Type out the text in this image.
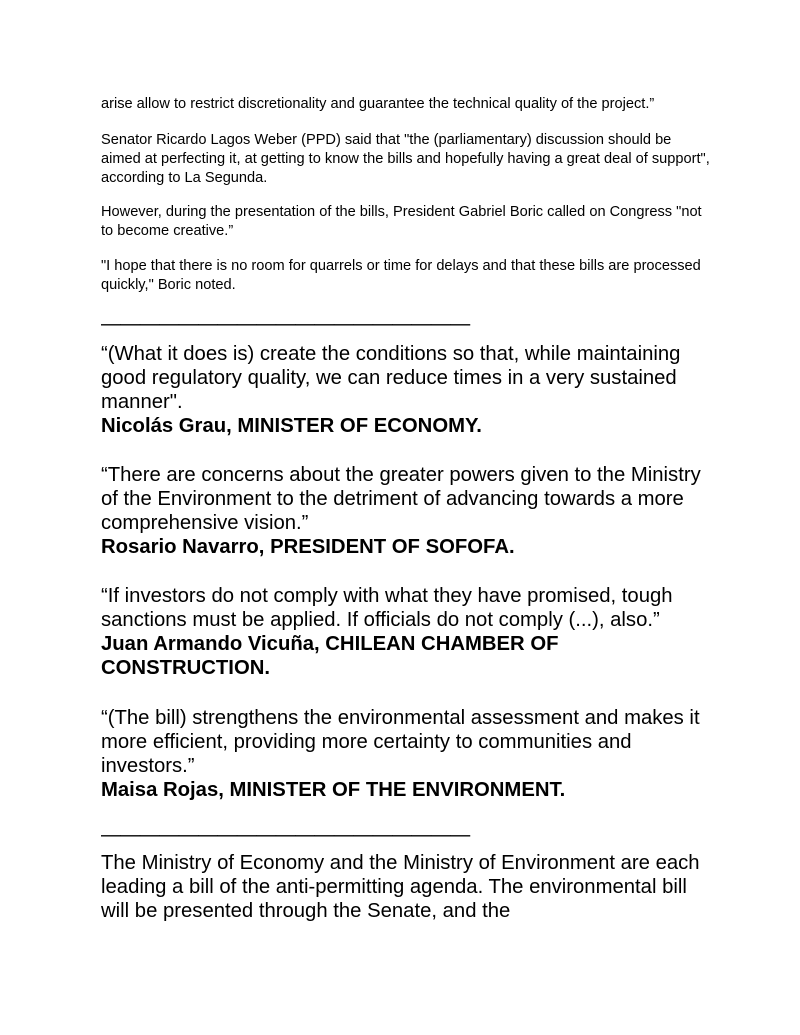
arise allow to restrict discretionality and guarantee the technical quality of the project.”

Senator Ricardo Lagos Weber (PPD) said that "the (parliamentary) discussion should be aimed at perfecting it, at getting to know the bills and hopefully having a great deal of support", according to La Segunda.

However, during the presentation of the bills, President Gabriel Boric called on Congress "not to become creative.”

"I hope that there is no room for quarrels or time for delays and that these bills are processed quickly," Boric noted.

———————————————————

“(What it does is) create the conditions so that, while maintaining good regulatory quality, we can reduce times in a very sustained manner".

Nicolás Grau, MINISTER OF ECONOMY.

“There are concerns about the greater powers given to the Ministry of the Environment to the detriment of advancing towards a more comprehensive vision.”

Rosario Navarro, PRESIDENT OF SOFOFA.

“If investors do not comply with what they have promised, tough sanctions must be applied. If officials do not comply (...), also.”

Juan Armando Vicuña, CHILEAN CHAMBER OF CONSTRUCTION.

“(The bill) strengthens the environmental assessment and makes it more efficient, providing more certainty to communities and investors.”

Maisa Rojas, MINISTER OF THE ENVIRONMENT.

———————————————————

The Ministry of Economy and the Ministry of Environment are each leading a bill of the anti-permitting agenda. The environmental bill will be presented through the Senate, and the
